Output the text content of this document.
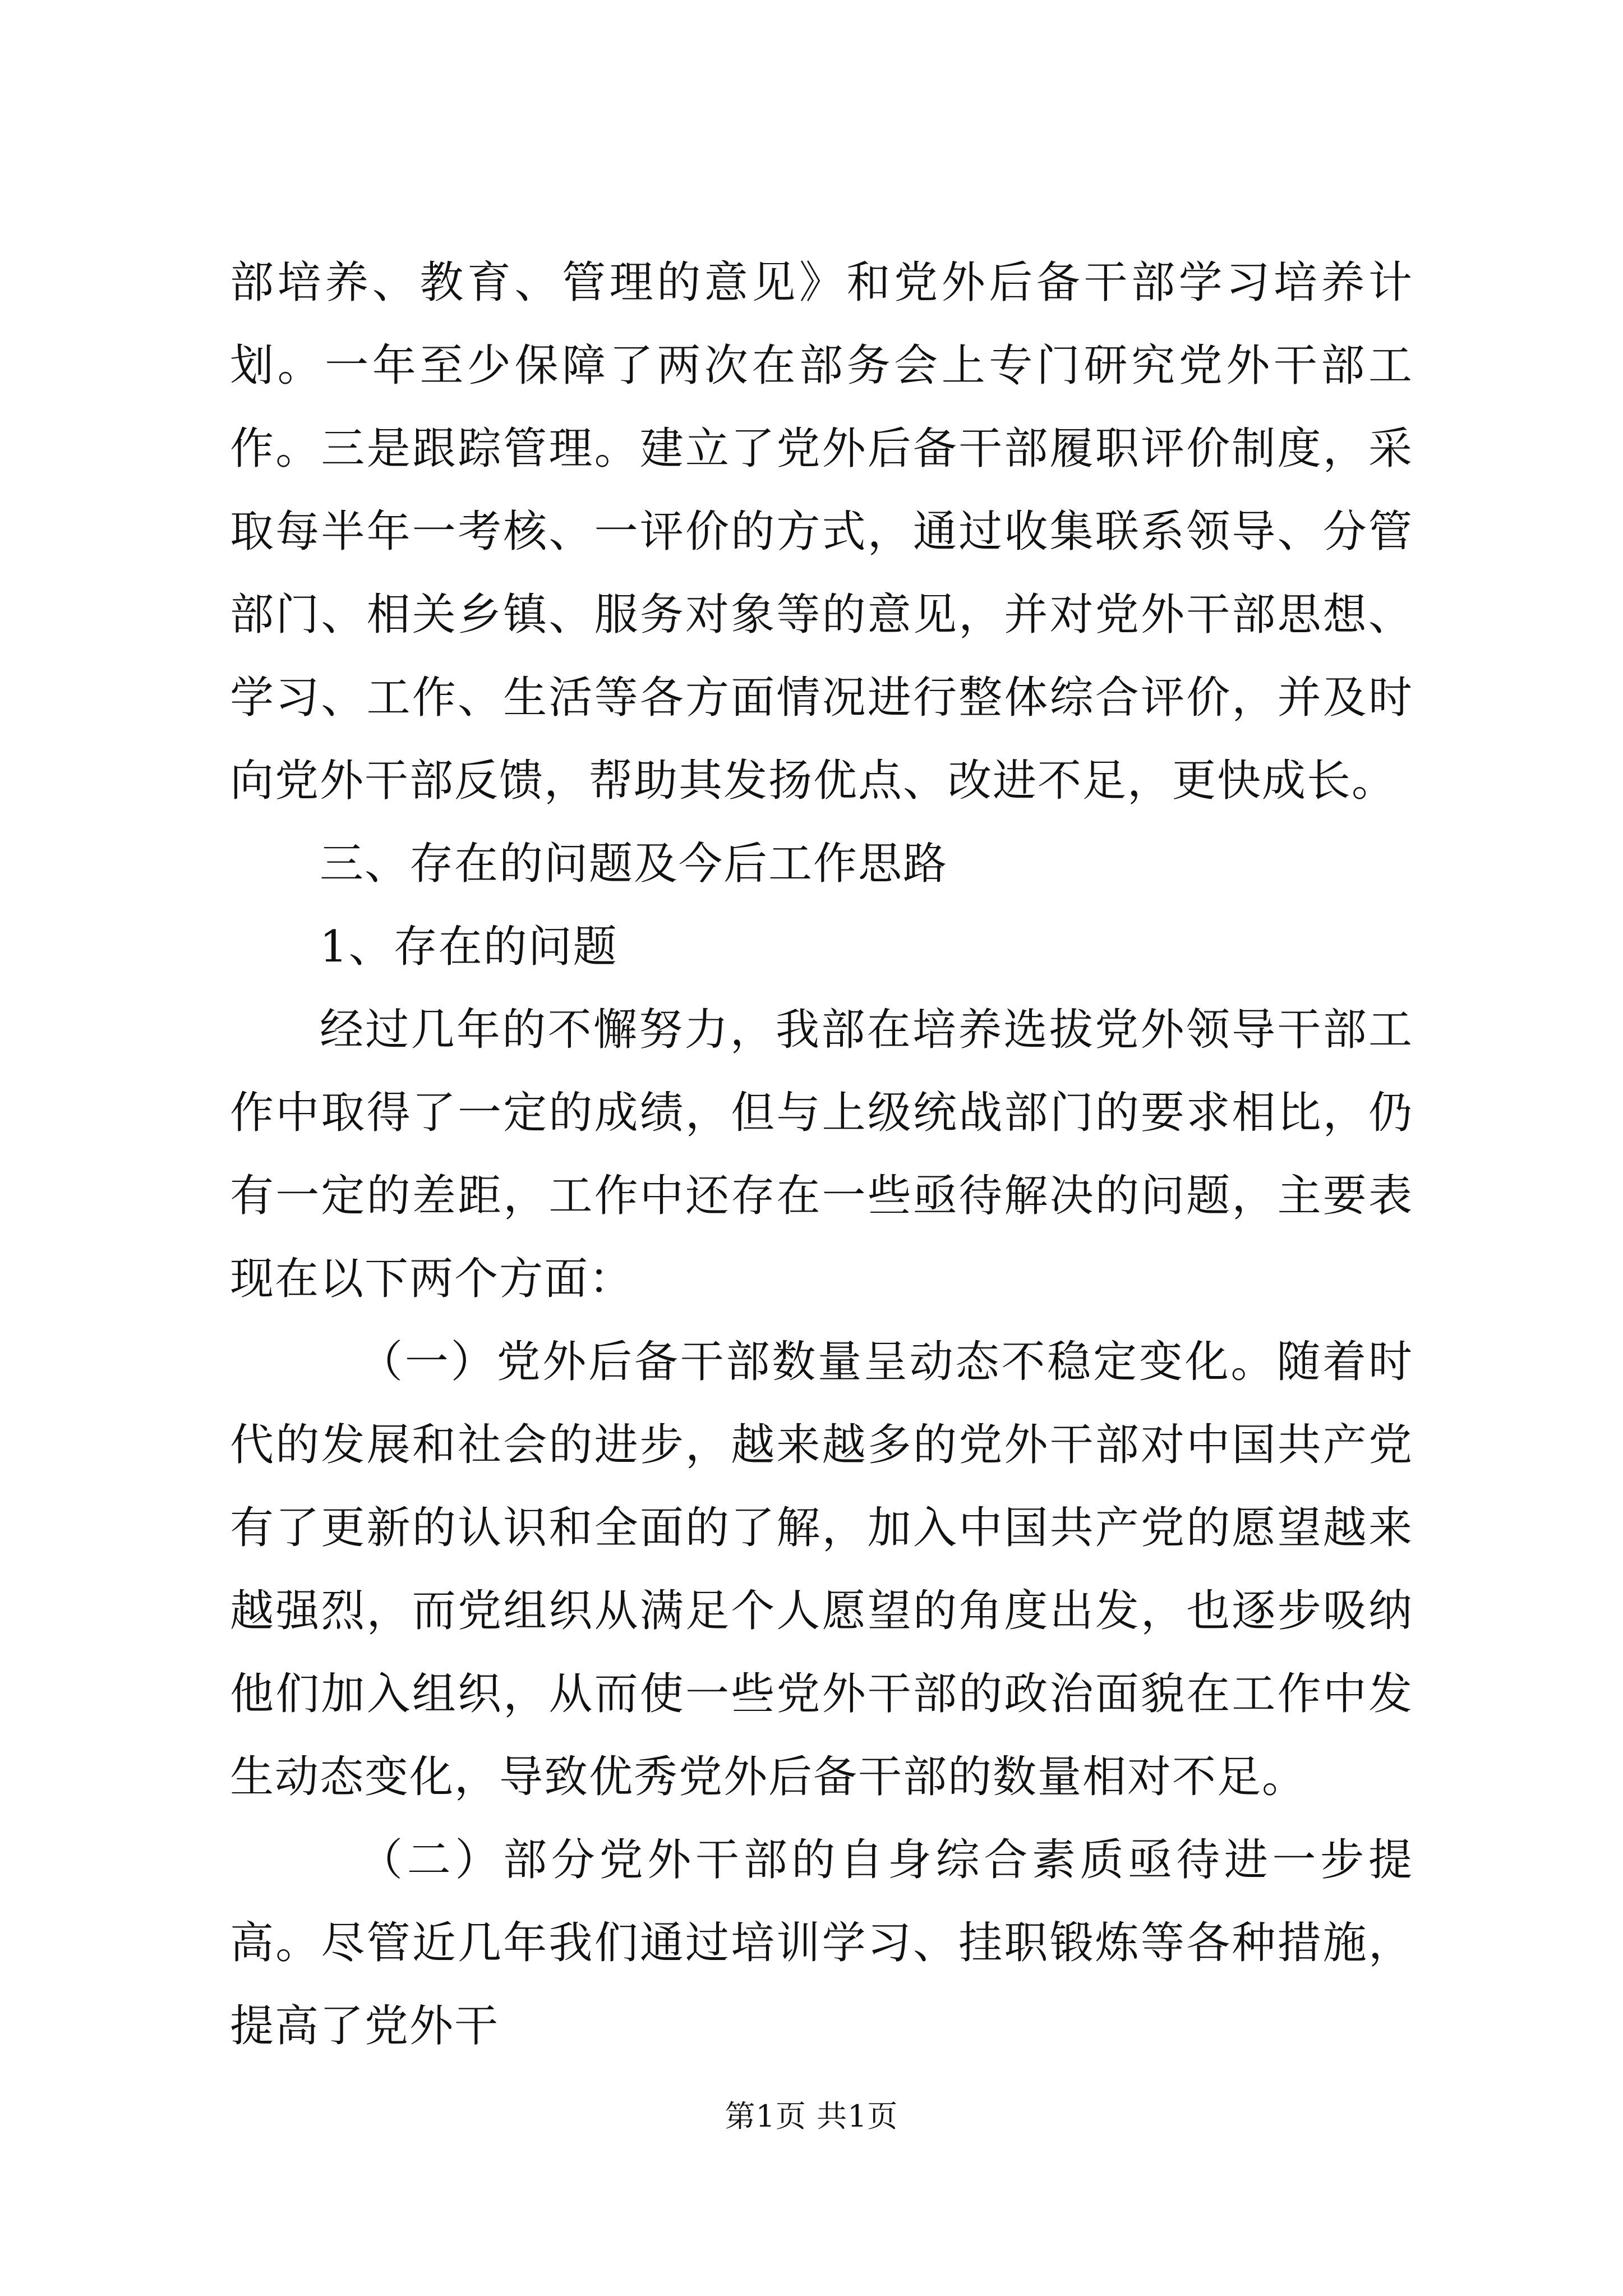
部培养、教育、管理的意见》和党外后备干部学习培养计划。一年至少保障了两次在部务会上专门研究党外干部工作。三是跟踪管理。建立了党外后备干部履职评价制度，采取每半年一考核、一评价的方式，通过收集联系领导、分管部门、相关乡镇、服务对象等的意见，并对党外干部思想、学习、工作、生活等各方面情况进行整体综合评价，并及时向党外干部反馈，帮助其发扬优点、改进不足，更快成长。

三、存在的问题及今后工作思路

1、存在的问题

经过几年的不懈努力，我部在培养选拔党外领导干部工作中取得了一定的成绩，但与上级统战部门的要求相比，仍有一定的差距，工作中还存在一些亟待解决的问题，主要表现在以下两个方面：

（一）党外后备干部数量呈动态不稳定变化。随着时代的发展和社会的进步，越来越多的党外干部对中国共产党有了更新的认识和全面的了解，加入中国共产党的愿望越来越强烈，而党组织从满足个人愿望的角度出发，也逐步吸纳他们加入组织，从而使一些党外干部的政治面貌在工作中发生动态变化，导致优秀党外后备干部的数量相对不足。

（二）部分党外干部的自身综合素质亟待进一步提高。尽管近几年我们通过培训学习、挂职锻炼等各种措施，提高了党外干

第1页 共1页
